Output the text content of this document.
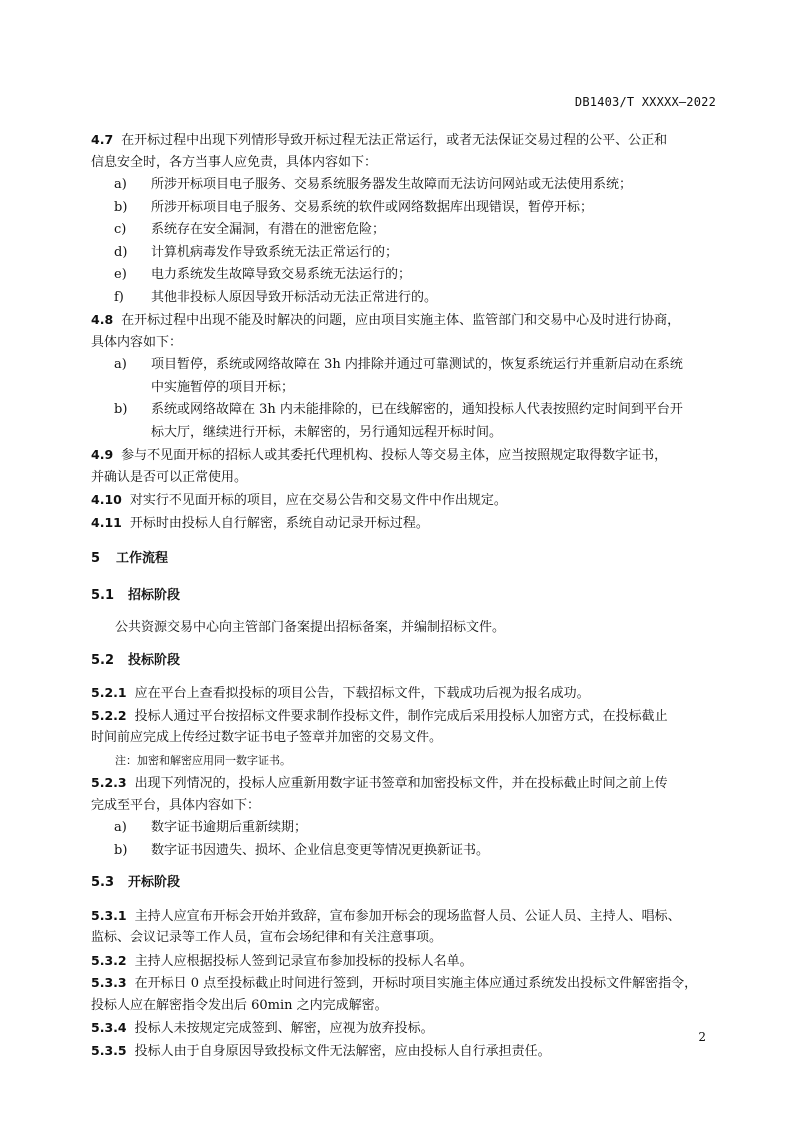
DB1403/T XXXXX—2022
4.7 在开标过程中出现下列情形导致开标过程无法正常运行，或者无法保证交易过程的公平、公正和
信息安全时，各方当事人应免责，具体内容如下：
a) 所涉开标项目电子服务、交易系统服务器发生故障而无法访问网站或无法使用系统；
b) 所涉开标项目电子服务、交易系统的软件或网络数据库出现错误，暂停开标；
c) 系统存在安全漏洞，有潜在的泄密危险；
d) 计算机病毒发作导致系统无法正常运行的；
e) 电力系统发生故障导致交易系统无法运行的；
f) 其他非投标人原因导致开标活动无法正常进行的。
4.8 在开标过程中出现不能及时解决的问题，应由项目实施主体、监管部门和交易中心及时进行协商，
具体内容如下：
a) 项目暂停，系统或网络故障在 3h 内排除并通过可靠测试的，恢复系统运行并重新启动在系统
中实施暂停的项目开标；
b) 系统或网络故障在 3h 内未能排除的，已在线解密的，通知投标人代表按照约定时间到平台开
标大厅，继续进行开标，未解密的，另行通知远程开标时间。
4.9 参与不见面开标的招标人或其委托代理机构、投标人等交易主体，应当按照规定取得数字证书，
并确认是否可以正常使用。
4.10 对实行不见面开标的项目，应在交易公告和交易文件中作出规定。
4.11 开标时由投标人自行解密，系统自动记录开标过程。
5 工作流程
5.1 招标阶段
公共资源交易中心向主管部门备案提出招标备案，并编制招标文件。
5.2 投标阶段
5.2.1 应在平台上查看拟投标的项目公告，下载招标文件，下载成功后视为报名成功。
5.2.2 投标人通过平台按招标文件要求制作投标文件，制作完成后采用投标人加密方式，在投标截止
时间前应完成上传经过数字证书电子签章并加密的交易文件。
注：加密和解密应用同一数字证书。
5.2.3 出现下列情况的，投标人应重新用数字证书签章和加密投标文件，并在投标截止时间之前上传
完成至平台，具体内容如下：
a) 数字证书逾期后重新续期；
b) 数字证书因遗失、损坏、企业信息变更等情况更换新证书。
5.3 开标阶段
5.3.1 主持人应宣布开标会开始并致辞，宣布参加开标会的现场监督人员、公证人员、主持人、唱标、
监标、会议记录等工作人员，宣布会场纪律和有关注意事项。
5.3.2 主持人应根据投标人签到记录宣布参加投标的投标人名单。
5.3.3 在开标日 0 点至投标截止时间进行签到，开标时项目实施主体应通过系统发出投标文件解密指令，
投标人应在解密指令发出后 60min 之内完成解密。
5.3.4 投标人未按规定完成签到、解密，应视为放弃投标。
5.3.5 投标人由于自身原因导致投标文件无法解密，应由投标人自行承担责任。
2
